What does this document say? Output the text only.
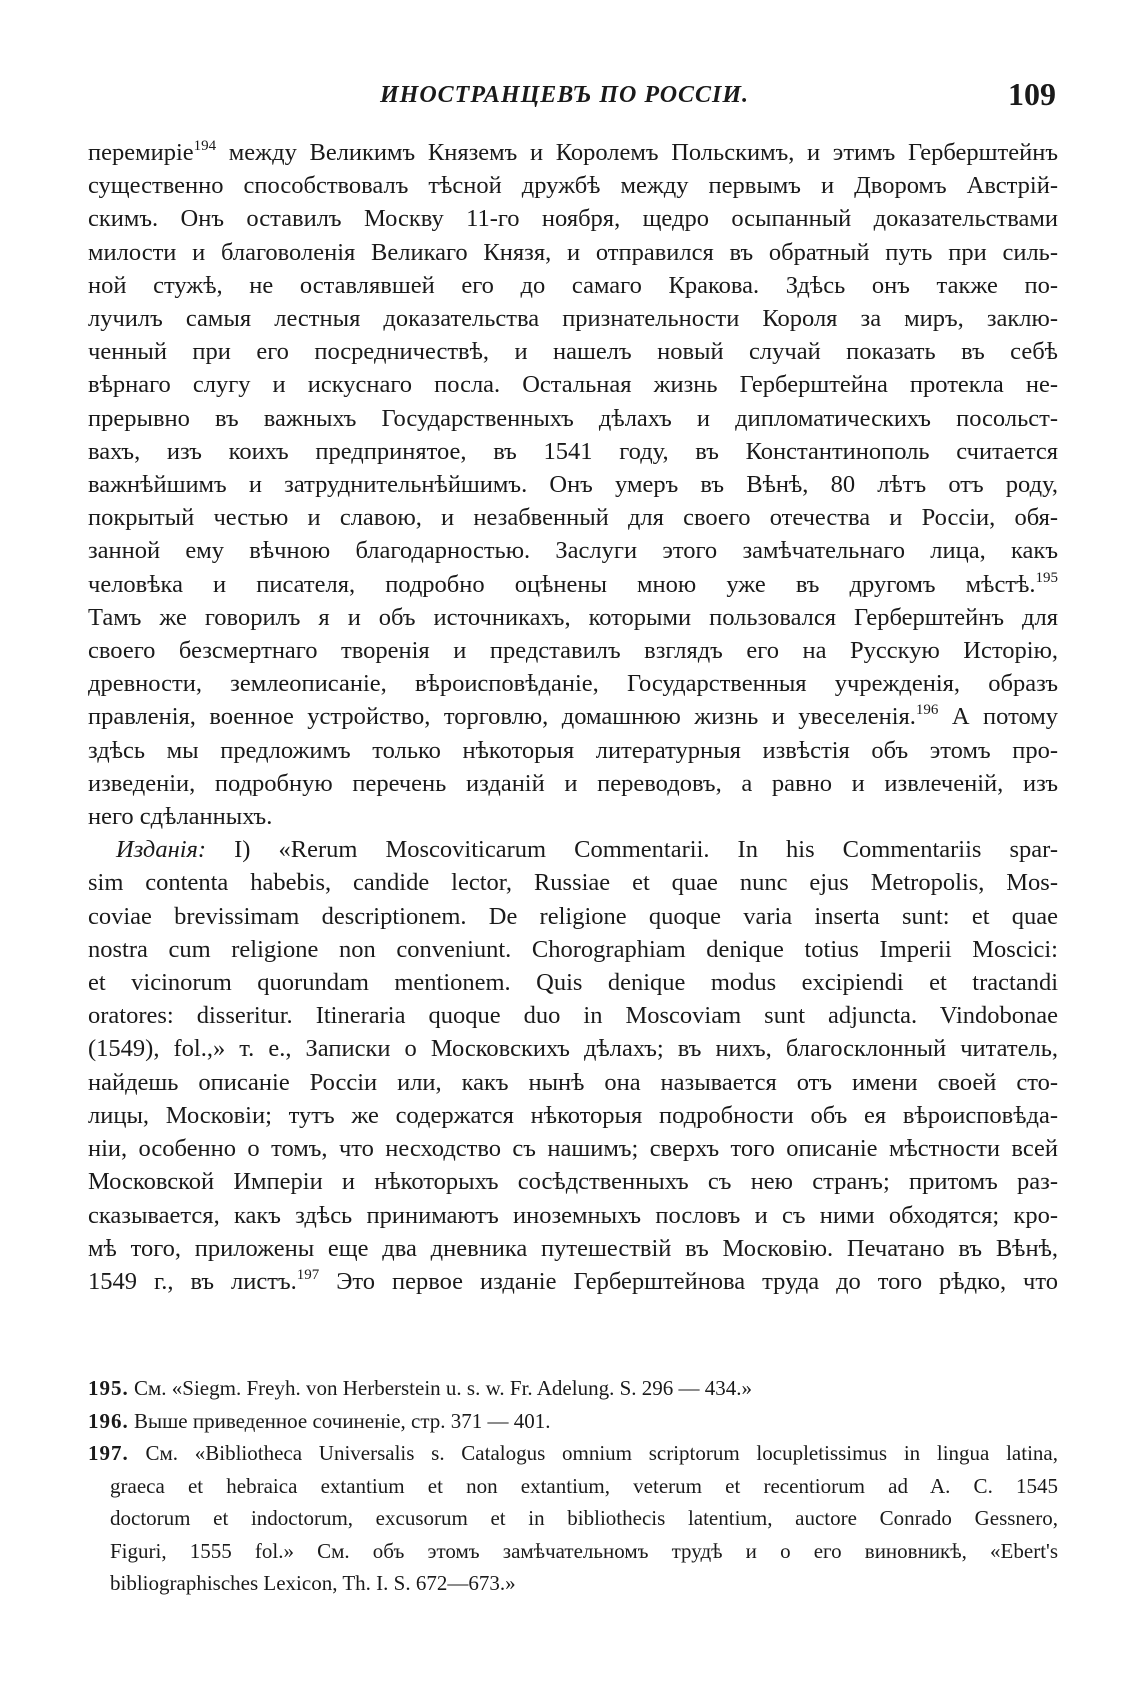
ИНОСТРАНЦЕВЪ ПО РОССІИ.	109
перемиріе$^{194}$ между Великимъ Княземъ и Королемъ Польскимъ, и этимъ Герберштейнъ
существенно способствовалъ тѣсной дружбѣ между первымъ и Дворомъ Австрій-
скимъ. Онъ оставилъ Москву 11-го ноября, щедро осыпанный доказательствами
милости и благоволенія Великаго Князя, и отправился въ обратный путь при силь-
ной стужѣ, не оставлявшей его до самаго Кракова. Здѣсь онъ также по-
лучилъ самыя лестныя доказательства признательности Короля за миръ, заклю-
ченный при его посредничествѣ, и нашелъ новый случай показать въ себѣ
вѣрнаго слугу и искуснаго посла. Остальная жизнь Герберштейна протекла не-
прерывно въ важныхъ Государственныхъ дѣлахъ и дипломатическихъ посольст-
вахъ, изъ коихъ предпринятое, въ 1541 году, въ Константинополь считается
важнѣйшимъ и затруднительнѣйшимъ. Онъ умеръ въ Вѣнѣ, 80 лѣтъ отъ роду,
покрытый честью и славою, и незабвенный для своего отечества и Россіи, обя-
занной ему вѣчною благодарностью. Заслуги этого замѣчательнаго лица, какъ
человѣка и писателя, подробно оцѣнены мною уже въ другомъ мѣстѣ.$^{195}$
Тамъ же говорилъ я и объ источникахъ, которыми пользовался Герберштейнъ для
своего безсмертнаго творенія и представилъ взглядъ его на Русскую Исторію,
древности, землеописаніе, вѣроисповѣданіе, Государственныя учрежденія, образъ
правленія, военное устройство, торговлю, домашнюю жизнь и увеселенія.$^{196}$ А потому
здѣсь мы предложимъ только нѣкоторыя литературныя извѣстія объ этомъ про-
изведеніи, подробную перечень изданій и переводовъ, а равно и извлеченій, изъ
него сдѣланныхъ.
Изданія: I) «Rerum Moscoviticarum Commentarii. In his Commentariis spar-
sim contenta habebis, candide lector, Russiae et quae nunc ejus Metropolis, Mos-
coviae brevissimam descriptionem. De religione quoque varia inserta sunt: et quae
nostra cum religione non conveniunt. Chorographiam denique totius Imperii Moscici:
et vicinorum quorundam mentionem. Quis denique modus excipiendi et tractandi
oratores: disseritur. Itineraria quoque duo in Moscoviam sunt adjuncta. Vindobonae
(1549), fol.,» т. е., Записки о Московскихъ дѣлахъ; въ нихъ, благосклонный читатель,
найдешь описаніе Россіи или, какъ нынѣ она называется отъ имени своей сто-
лицы, Московіи; тутъ же содержатся нѣкоторыя подробности объ ея вѣроисповѣда-
ніи, особенно о томъ, что несходство съ нашимъ; сверхъ того описаніе мѣстности всей
Московской Имперіи и нѣкоторыхъ сосѣдственныхъ съ нею странъ; притомъ раз-
сказывается, какъ здѣсь принимаютъ иноземныхъ пословъ и съ ними обходятся; кро-
мѣ того, приложены еще два дневника путешествій въ Московію. Печатано въ Вѣнѣ,
1549 г., въ листъ.$^{197}$ Это первое изданіе Герберштейнова труда до того рѣдко, что
195. См. «Siegm. Freyh. von Herberstein u. s. w. Fr. Adelung. S. 296 — 434.»
196. Выше приведенное сочиненіе, стр. 371 — 401.
197. См. «Bibliotheca Universalis s. Catalogus omnium scriptorum locupletissimus in lingua latina,
graeca et hebraica extantium et non extantium, veterum et recentiorum ad A. C. 1545
doctorum et indoctorum, excusorum et in bibliothecis latentium, auctore Conrado Gessnero,
Figuri, 1555 fol.» См. объ этомъ замѣчательномъ трудѣ и о его виновникѣ, «Ebert's
bibliographisches Lexicon, Th. I. S. 672—673.»
